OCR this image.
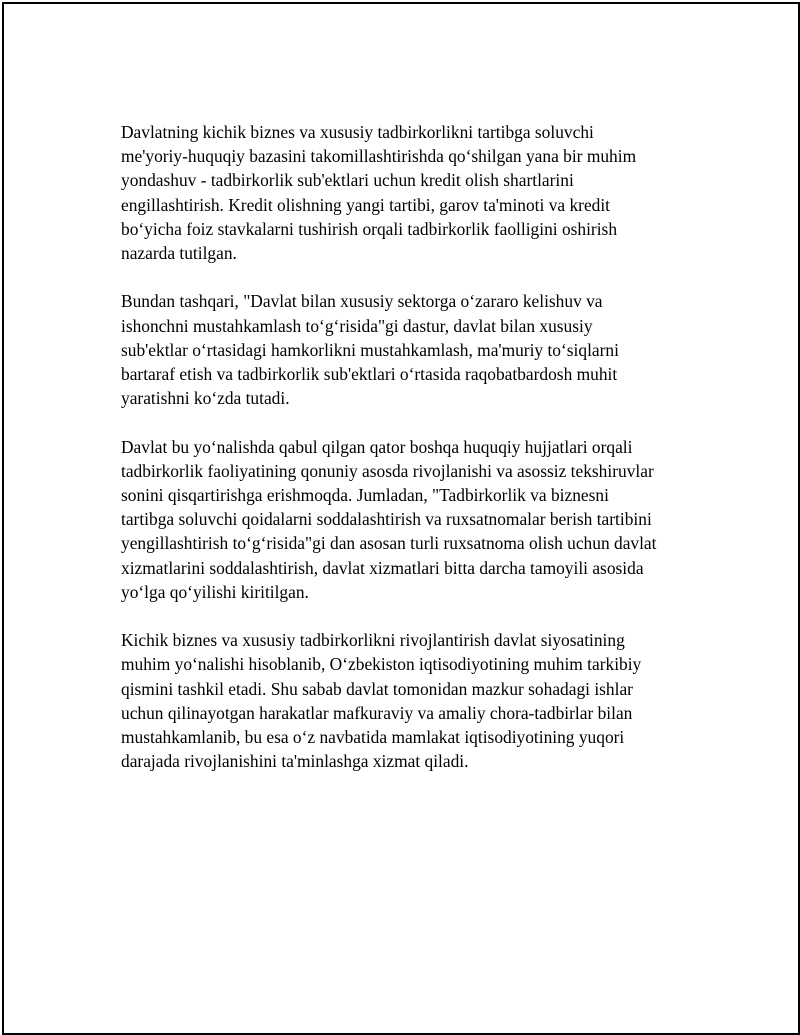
Davlatning kichik biznes va xususiy tadbirkorlikni tartibga soluvchi
me'yoriy-huquqiy bazasini takomillashtirishda qo‘shilgan yana bir muhim
yondashuv - tadbirkorlik sub'ektlari uchun kredit olish shartlarini
engillashtirish. Kredit olishning yangi tartibi, garov ta'minoti va kredit
bo‘yicha foiz stavkalarni tushirish orqali tadbirkorlik faolligini oshirish
nazarda tutilgan.

Bundan tashqari, "Davlat bilan xususiy sektorga o‘zararo kelishuv va
ishonchni mustahkamlash to‘g‘risida"gi dastur, davlat bilan xususiy
sub'ektlar o‘rtasidagi hamkorlikni mustahkamlash, ma'muriy to‘siqlarni
bartaraf etish va tadbirkorlik sub'ektlari o‘rtasida raqobatbardosh muhit
yaratishni ko‘zda tutadi.

Davlat bu yo‘nalishda qabul qilgan qator boshqa huquqiy hujjatlari orqali
tadbirkorlik faoliyatining qonuniy asosda rivojlanishi va asossiz tekshiruvlar
sonini qisqartirishga erishmoqda. Jumladan, "Tadbirkorlik va biznesni
tartibga soluvchi qoidalarni soddalashtirish va ruxsatnomalar berish tartibini
yengillashtirish to‘g‘risida"gi dan asosan turli ruxsatnoma olish uchun davlat
xizmatlarini soddalashtirish, davlat xizmatlari bitta darcha tamoyili asosida
yo‘lga qo‘yilishi kiritilgan.

Kichik biznes va xususiy tadbirkorlikni rivojlantirish davlat siyosatining
muhim yo‘nalishi hisoblanib, O‘zbekiston iqtisodiyotining muhim tarkibiy
qismini tashkil etadi. Shu sabab davlat tomonidan mazkur sohadagi ishlar
uchun qilinayotgan harakatlar mafkuraviy va amaliy chora-tadbirlar bilan
mustahkamlanib, bu esa o‘z navbatida mamlakat iqtisodiyotining yuqori
darajada rivojlanishini ta'minlashga xizmat qiladi.
